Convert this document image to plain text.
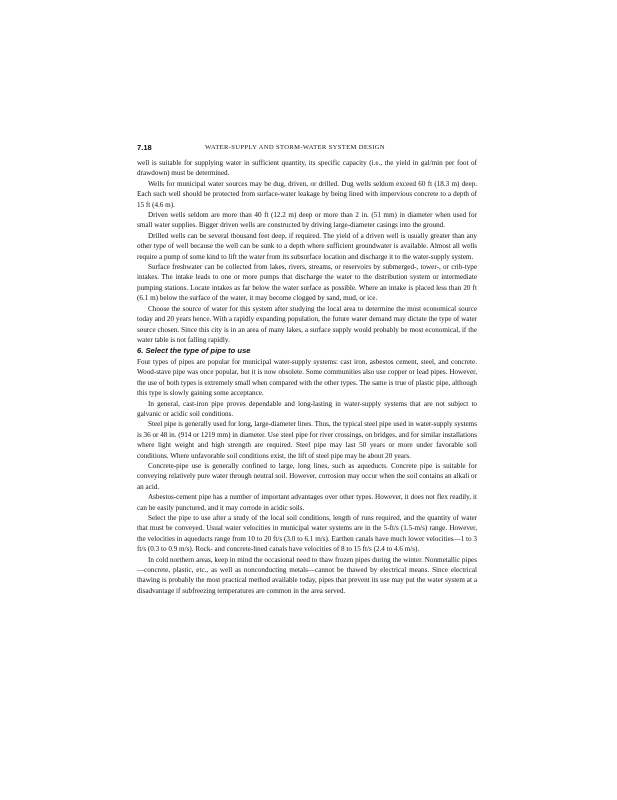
7.18	WATER-SUPPLY AND STORM-WATER SYSTEM DESIGN

well is suitable for supplying water in sufficient quantity, its specific capacity (i.e., the yield in gal/min per foot of drawdown) must be determined.

Wells for municipal water sources may be dug, driven, or drilled. Dug wells seldom exceed 60 ft (18.3 m) deep. Each such well should be protected from surface-water leakage by being lined with impervious concrete to a depth of 15 ft (4.6 m).

Driven wells seldom are more than 40 ft (12.2 m) deep or more than 2 in. (51 mm) in diameter when used for small water supplies. Bigger driven wells are constructed by driving large-diameter casings into the ground.

Drilled wells can be several thousand feet deep, if required. The yield of a driven well is usually greater than any other type of well because the well can be sunk to a depth where sufficient groundwater is available. Almost all wells require a pump of some kind to lift the water from its subsurface location and discharge it to the water-supply system.

Surface freshwater can be collected from lakes, rivers, streams, or reservoirs by submerged-, tower-, or crib-type intakes. The intake leads to one or more pumps that discharge the water to the distribution system or intermediate pumping stations. Locate intakes as far below the water surface as possible. Where an intake is placed less than 20 ft (6.1 m) below the surface of the water, it may become clogged by sand, mud, or ice.

Choose the source of water for this system after studying the local area to determine the most economical source today and 20 years hence. With a rapidly expanding population, the future water demand may dictate the type of water source chosen. Since this city is in an area of many lakes, a surface supply would probably be most economical, if the water table is not falling rapidly.

6. Select the type of pipe to use

Four types of pipes are popular for municipal water-supply systems: cast iron, asbestos cement, steel, and concrete. Wood-stave pipe was once popular, but it is now obsolete. Some communities also use copper or lead pipes. However, the use of both types is extremely small when compared with the other types. The same is true of plastic pipe, although this type is slowly gaining some acceptance.

In general, cast-iron pipe proves dependable and long-lasting in water-supply systems that are not subject to galvanic or acidic soil conditions.

Steel pipe is generally used for long, large-diameter lines. Thus, the typical steel pipe used in water-supply systems is 36 or 48 in. (914 or 1219 mm) in diameter. Use steel pipe for river crossings, on bridges, and for similar installations where light weight and high strength are required. Steel pipe may last 50 years or more under favorable soil conditions. Where unfavorable soil conditions exist, the lift of steel pipe may be about 20 years.

Concrete-pipe use is generally confined to large, long lines, such as aqueducts. Concrete pipe is suitable for conveying relatively pure water through neutral soil. However, corrosion may occur when the soil contains an alkali or an acid.

Asbestos-cement pipe has a number of important advantages over other types. However, it does not flex readily, it can be easily punctured, and it may corrode in acidic soils.

Select the pipe to use after a study of the local soil conditions, length of runs required, and the quantity of water that must be conveyed. Usual water velocities in municipal water systems are in the 5-ft/s (1.5-m/s) range. However, the velocities in aqueducts range from 10 to 20 ft/s (3.0 to 6.1 m/s). Earthen canals have much lower velocities—1 to 3 ft/s (0.3 to 0.9 m/s). Rock- and concrete-lined canals have velocities of 8 to 15 ft/s (2.4 to 4.6 m/s).

In cold northern areas, keep in mind the occasional need to thaw frozen pipes during the winter. Nonmetallic pipes—concrete, plastic, etc., as well as nonconducting metals—cannot be thawed by electrical means. Since electrical thawing is probably the most practical method available today, pipes that prevent its use may put the water system at a disadvantage if subfreezing temperatures are common in the area served.
